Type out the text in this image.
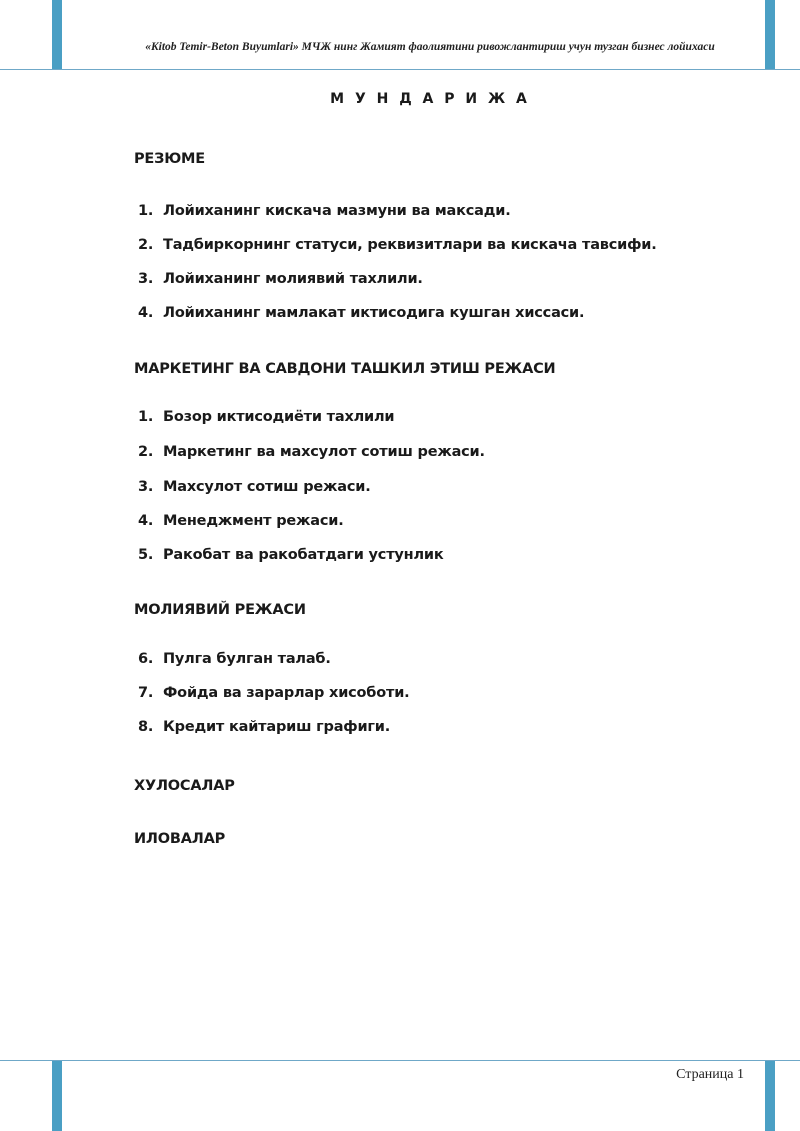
«Kitob Temir-Beton Buyumlari» МЧЖ нинг Жамият фаолиятини ривожлантириш учун тузган бизнес лойихаси
М У Н Д А Р И Ж А
РЕЗЮМЕ
1. Лойиханинг киcкача мазмуни ва максади.
2. Тадбиркорнинг статуси, реквизитлари ва кискача тавсифи.
3. Лойиханинг молиявий тахлили.
4. Лойиханинг мамлакат иктисодига кушган хиссаси.
МАРКЕТИНГ ВА САВДОНИ ТАШКИЛ ЭТИШ РЕЖАСИ
1. Бозор иктисодиёти тахлили
2. Маркетинг ва махсулот сотиш режаси.
3. Махсулот сотиш режаси.
4. Менеджмент режаси.
5. Ракобат ва ракобатдаги устунлик
МОЛИЯВИЙ РЕЖАСИ
6. Пулга булган талаб.
7. Фойда ва зарарлар хисоботи.
8. Кредит кайтариш графиги.
ХУЛОСАЛАР
ИЛОВАЛАР
Страница 1
